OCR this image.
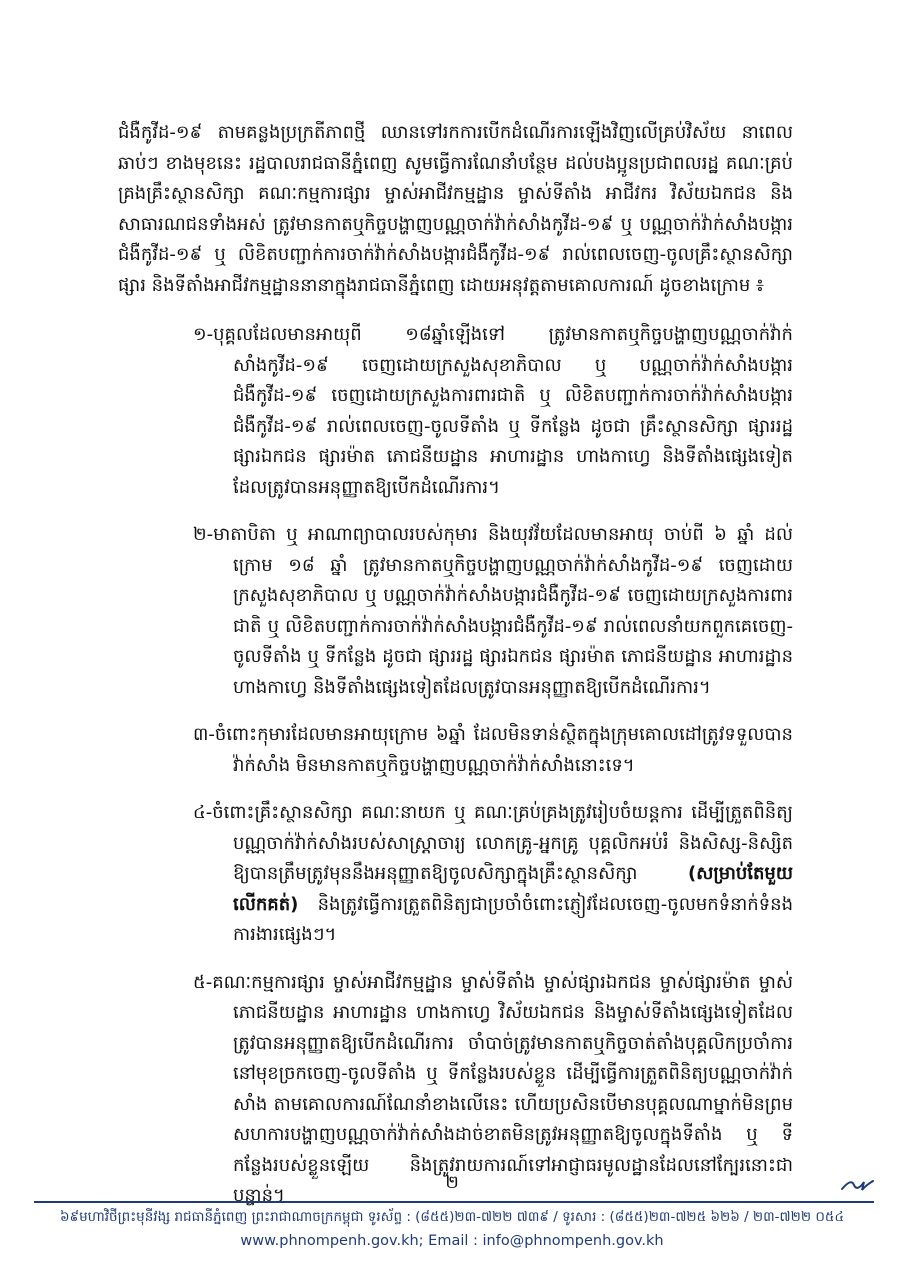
ជំងឺកូវីដ-១៩ តាមគន្លងប្រក្រតីភាពថ្មី ឈានទៅរកការបើកដំណើរការឡើងវិញលើគ្រប់វិស័យ នាពេលឆាប់ៗ ខាងមុខនេះ រដ្ឋបាលរាជធានីភ្នំពេញ សូមធ្វើការណែនាំបន្ថែម ដល់បងប្អូនប្រជាពលរដ្ឋ គណៈគ្រប់គ្រងគ្រឹះស្ថានសិក្សា គណៈកម្មការផ្សារ ម្ចាស់អាជីវកម្មដ្ឋាន ម្ចាស់ទីតាំង អាជីវករ វិស័យឯកជន និងសាធារណជនទាំងអស់ ត្រូវមានកាតឬកិច្ចបង្ហាញបណ្ណចាក់វ៉ាក់សាំងកូវីដ-១៩ ឬ បណ្ណចាក់វ៉ាក់សាំងបង្ការជំងឺកូវីដ-១៩ ឬ លិខិតបញ្ជាក់ការចាក់វ៉ាក់សាំងបង្ការជំងឺកូវីដ-១៩ រាល់ពេលចេញ-ចូលគ្រឹះស្ថានសិក្សា ផ្សារ និងទីតាំងអាជីវកម្មដ្ឋាននានាក្នុងរាជធានីភ្នំពេញ ដោយអនុវត្តតាមគោលការណ៍ ដូចខាងក្រោម ៖

១-បុគ្គលដែលមានអាយុពី ១៨ឆ្នាំឡើងទៅ ត្រូវមានកាតឬកិច្ចបង្ហាញបណ្ណចាក់វ៉ាក់សាំងកូវីដ-១៩ ចេញដោយក្រសួងសុខាភិបាល ឬ បណ្ណចាក់វ៉ាក់សាំងបង្ការជំងឺកូវីដ-១៩ ចេញដោយក្រសួងការពារជាតិ ឬ លិខិតបញ្ជាក់ការចាក់វ៉ាក់សាំងបង្ការជំងឺកូវីដ-១៩ រាល់ពេលចេញ-ចូលទីតាំង ឬ ទីកន្លែង ដូចជា គ្រឹះស្ថានសិក្សា ផ្សាររដ្ឋ ផ្សារឯកជន ផ្សារម៉ាត ភោជនីយដ្ឋាន អាហារដ្ឋាន ហាងកាហ្វេ និងទីតាំងផ្សេងទៀតដែលត្រូវបានអនុញ្ញាតឱ្យបើកដំណើរការ។

២-មាតាបិតា ឬ អាណាព្យាបាលរបស់កុមារ និងយុវវ័យដែលមានអាយុ ចាប់ពី ៦ ឆ្នាំ ដល់ក្រោម ១៨ ឆ្នាំ ត្រូវមានកាតឬកិច្ចបង្ហាញបណ្ណចាក់វ៉ាក់សាំងកូវីដ-១៩ ចេញដោយក្រសួងសុខាភិបាល ឬ បណ្ណចាក់វ៉ាក់សាំងបង្ការជំងឺកូវីដ-១៩ ចេញដោយក្រសួងការពារជាតិ ឬ លិខិតបញ្ជាក់ការចាក់វ៉ាក់សាំងបង្ការជំងឺកូវីដ-១៩ រាល់ពេលនាំយកពួកគេចេញ-ចូលទីតាំង ឬ ទីកន្លែង ដូចជា ផ្សាររដ្ឋ ផ្សារឯកជន ផ្សារម៉ាត ភោជនីយដ្ឋាន អាហារដ្ឋាន ហាងកាហ្វេ និងទីតាំងផ្សេងទៀតដែលត្រូវបានអនុញ្ញាតឱ្យបើកដំណើរការ។

៣-ចំពោះកុមារដែលមានអាយុក្រោម ៦ឆ្នាំ ដែលមិនទាន់ស្ថិតក្នុងក្រុមគោលដៅត្រូវទទួលបានវ៉ាក់សាំង មិនមានកាតឬកិច្ចបង្ហាញបណ្ណចាក់វ៉ាក់សាំងនោះទេ។

៤-ចំពោះគ្រឹះស្ថានសិក្សា គណៈនាយក ឬ គណៈគ្រប់គ្រងត្រូវរៀបចំយន្តការ ដើម្បីត្រួតពិនិត្យបណ្ណចាក់វ៉ាក់សាំងរបស់សាស្ត្រាចារ្យ លោកគ្រូ-អ្នកគ្រូ បុគ្គលិកអប់រំ និងសិស្ស-និស្សិត ឱ្យបានត្រឹមត្រូវមុននឹងអនុញ្ញាតឱ្យចូលសិក្សាក្នុងគ្រឹះស្ថានសិក្សា (សម្រាប់តែមួយលើកគត់) និងត្រូវធ្វើការត្រួតពិនិត្យជាប្រចាំចំពោះភ្ញៀវដែលចេញ-ចូលមកទំនាក់ទំនងការងារផ្សេងៗ។

៥-គណៈកម្មការផ្សារ ម្ចាស់អាជីវកម្មដ្ឋាន ម្ចាស់ទីតាំង ម្ចាស់ផ្សារឯកជន ម្ចាស់ផ្សារម៉ាត ម្ចាស់ភោជនីយដ្ឋាន អាហារដ្ឋាន ហាងកាហ្វេ វិស័យឯកជន និងម្ចាស់ទីតាំងផ្សេងទៀតដែលត្រូវបានអនុញ្ញាតឱ្យបើកដំណើរការ ចាំបាច់ត្រូវមានកាតឬកិច្ចចាត់តាំងបុគ្គលិកប្រចាំការនៅមុខច្រកចេញ-ចូលទីតាំង ឬ ទីកន្លែងរបស់ខ្លួន ដើម្បីធ្វើការត្រួតពិនិត្យបណ្ណចាក់វ៉ាក់សាំង តាមគោលការណ៍ណែនាំខាងលើនេះ ហើយប្រសិនបើមានបុគ្គលណាម្នាក់មិនព្រមសហការបង្ហាញបណ្ណចាក់វ៉ាក់សាំងដាច់ខាតមិនត្រូវអនុញ្ញាតឱ្យចូលក្នុងទីតាំង ឬ ទីកន្លែងរបស់ខ្លួនឡើយ និងត្រូវរាយការណ៍ទៅអាជ្ញាធរមូលដ្ឋានដែលនៅក្បែរនោះជាបន្ទាន់។

២
៦៩មហាវិថីព្រះមុនីវង្ស រាជធានីភ្នំពេញ ព្រះរាជាណាចក្រកម្ពុជា ទូរស័ព្ទ : (៨៥៥)២៣-៧២២ ៧៣៩ / ទូរសារ : (៨៥៥)២៣-៧២៥ ៦២៦ / ២៣-៧២២ ០៥៤
www.phnompenh.gov.kh; Email : info@phnompenh.gov.kh
